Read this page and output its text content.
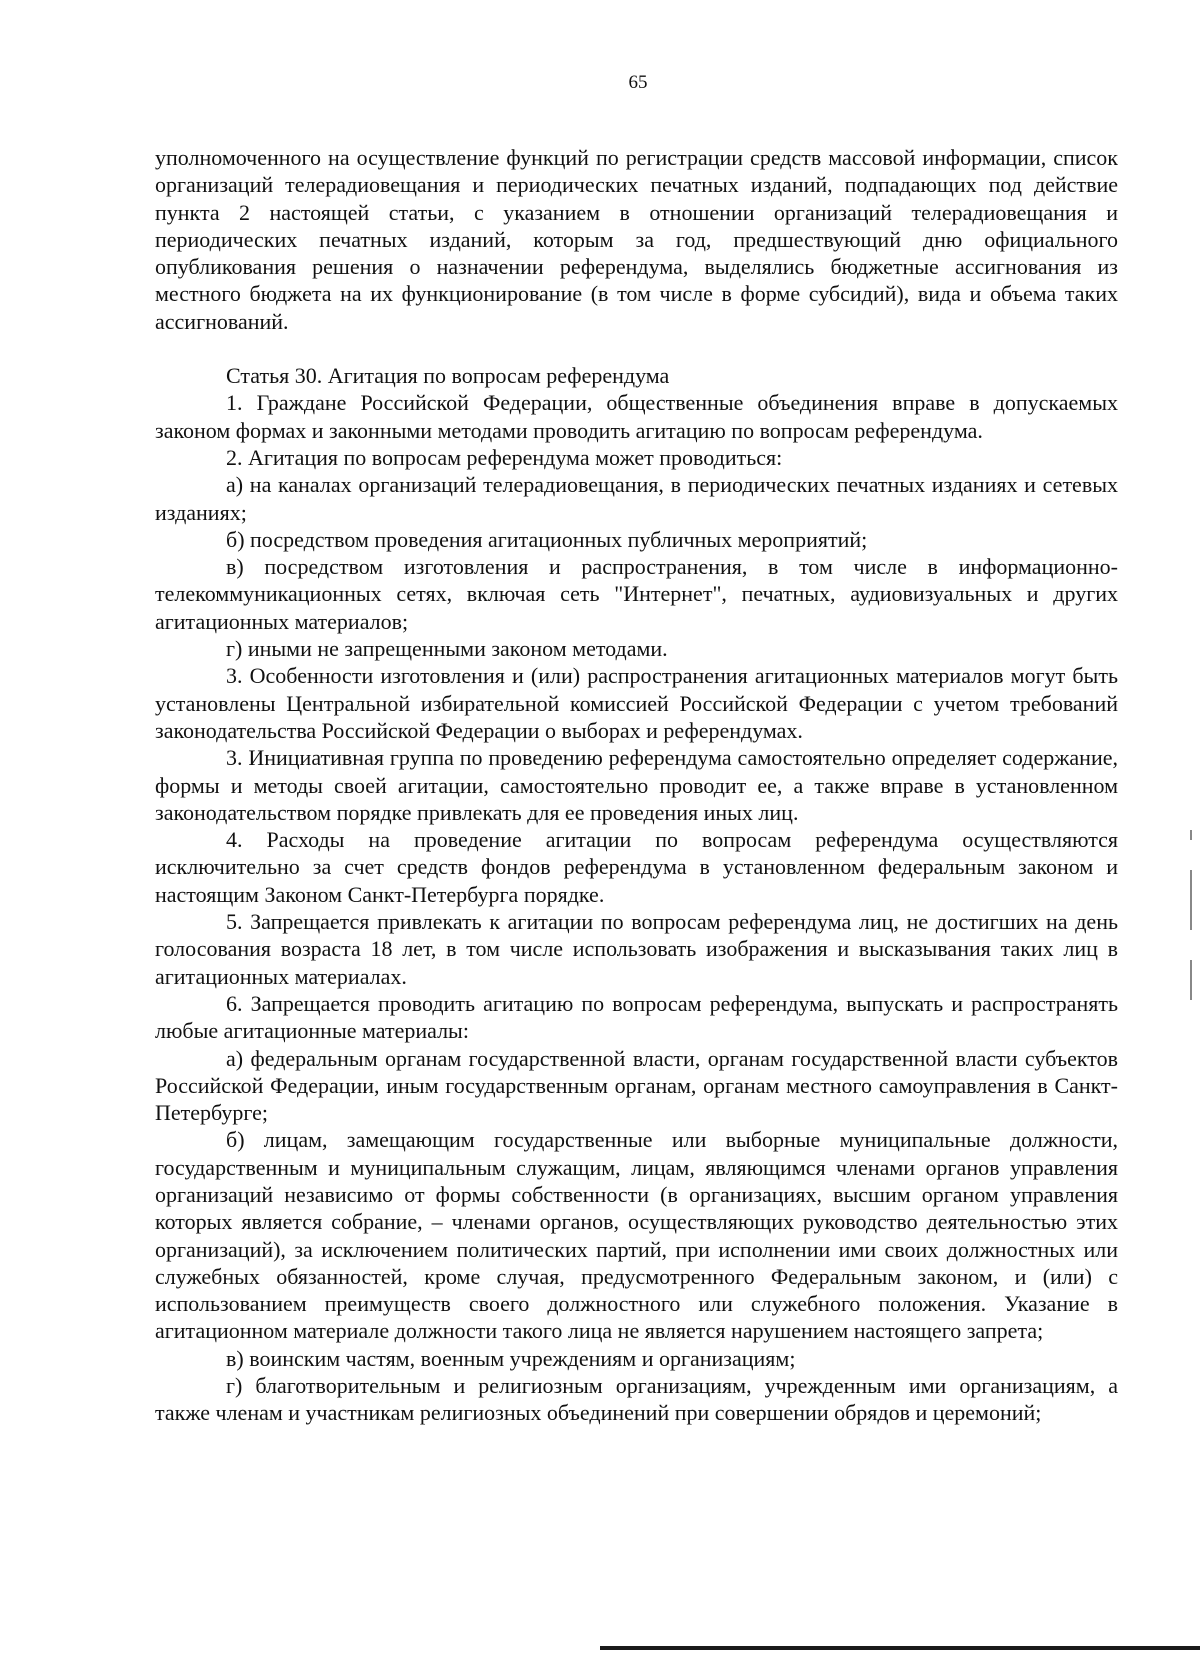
65

уполномоченного на осуществление функций по регистрации средств массовой информации, список организаций телерадиовещания и периодических печатных изданий, подпадающих под действие пункта 2 настоящей статьи, с указанием в отношении организаций телерадиовещания и периодических печатных изданий, которым за год, предшествующий дню официального опубликования решения о назначении референдума, выделялись бюджетные ассигнования из местного бюджета на их функционирование (в том числе в форме субсидий), вида и объема таких ассигнований.

Статья 30. Агитация по вопросам референдума

1. Граждане Российской Федерации, общественные объединения вправе в допускаемых законом формах и законными методами проводить агитацию по вопросам референдума.

2. Агитация по вопросам референдума может проводиться:

а) на каналах организаций телерадиовещания, в периодических печатных изданиях и сетевых изданиях;

б) посредством проведения агитационных публичных мероприятий;

в) посредством изготовления и распространения, в том числе в информационно-телекоммуникационных сетях, включая сеть "Интернет", печатных, аудиовизуальных и других агитационных материалов;

г) иными не запрещенными законом методами.

3. Особенности изготовления и (или) распространения агитационных материалов могут быть установлены Центральной избирательной комиссией Российской Федерации с учетом требований законодательства Российской Федерации о выборах и референдумах.

3. Инициативная группа по проведению референдума самостоятельно определяет содержание, формы и методы своей агитации, самостоятельно проводит ее, а также вправе в установленном законодательством порядке привлекать для ее проведения иных лиц.

4. Расходы на проведение агитации по вопросам референдума осуществляются исключительно за счет средств фондов референдума в установленном федеральным законом и настоящим Законом Санкт-Петербурга порядке.

5. Запрещается привлекать к агитации по вопросам референдума лиц, не достигших на день голосования возраста 18 лет, в том числе использовать изображения и высказывания таких лиц в агитационных материалах.

6. Запрещается проводить агитацию по вопросам референдума, выпускать и распространять любые агитационные материалы:

а) федеральным органам государственной власти, органам государственной власти субъектов Российской Федерации, иным государственным органам, органам местного самоуправления в Санкт-Петербурге;

б) лицам, замещающим государственные или выборные муниципальные должности, государственным и муниципальным служащим, лицам, являющимся членами органов управления организаций независимо от формы собственности (в организациях, высшим органом управления которых является собрание, – членами органов, осуществляющих руководство деятельностью этих организаций), за исключением политических партий, при исполнении ими своих должностных или служебных обязанностей, кроме случая, предусмотренного Федеральным законом, и (или) с использованием преимуществ своего должностного или служебного положения. Указание в агитационном материале должности такого лица не является нарушением настоящего запрета;

в) воинским частям, военным учреждениям и организациям;

г) благотворительным и религиозным организациям, учрежденным ими организациям, а также членам и участникам религиозных объединений при совершении обрядов и церемоний;
